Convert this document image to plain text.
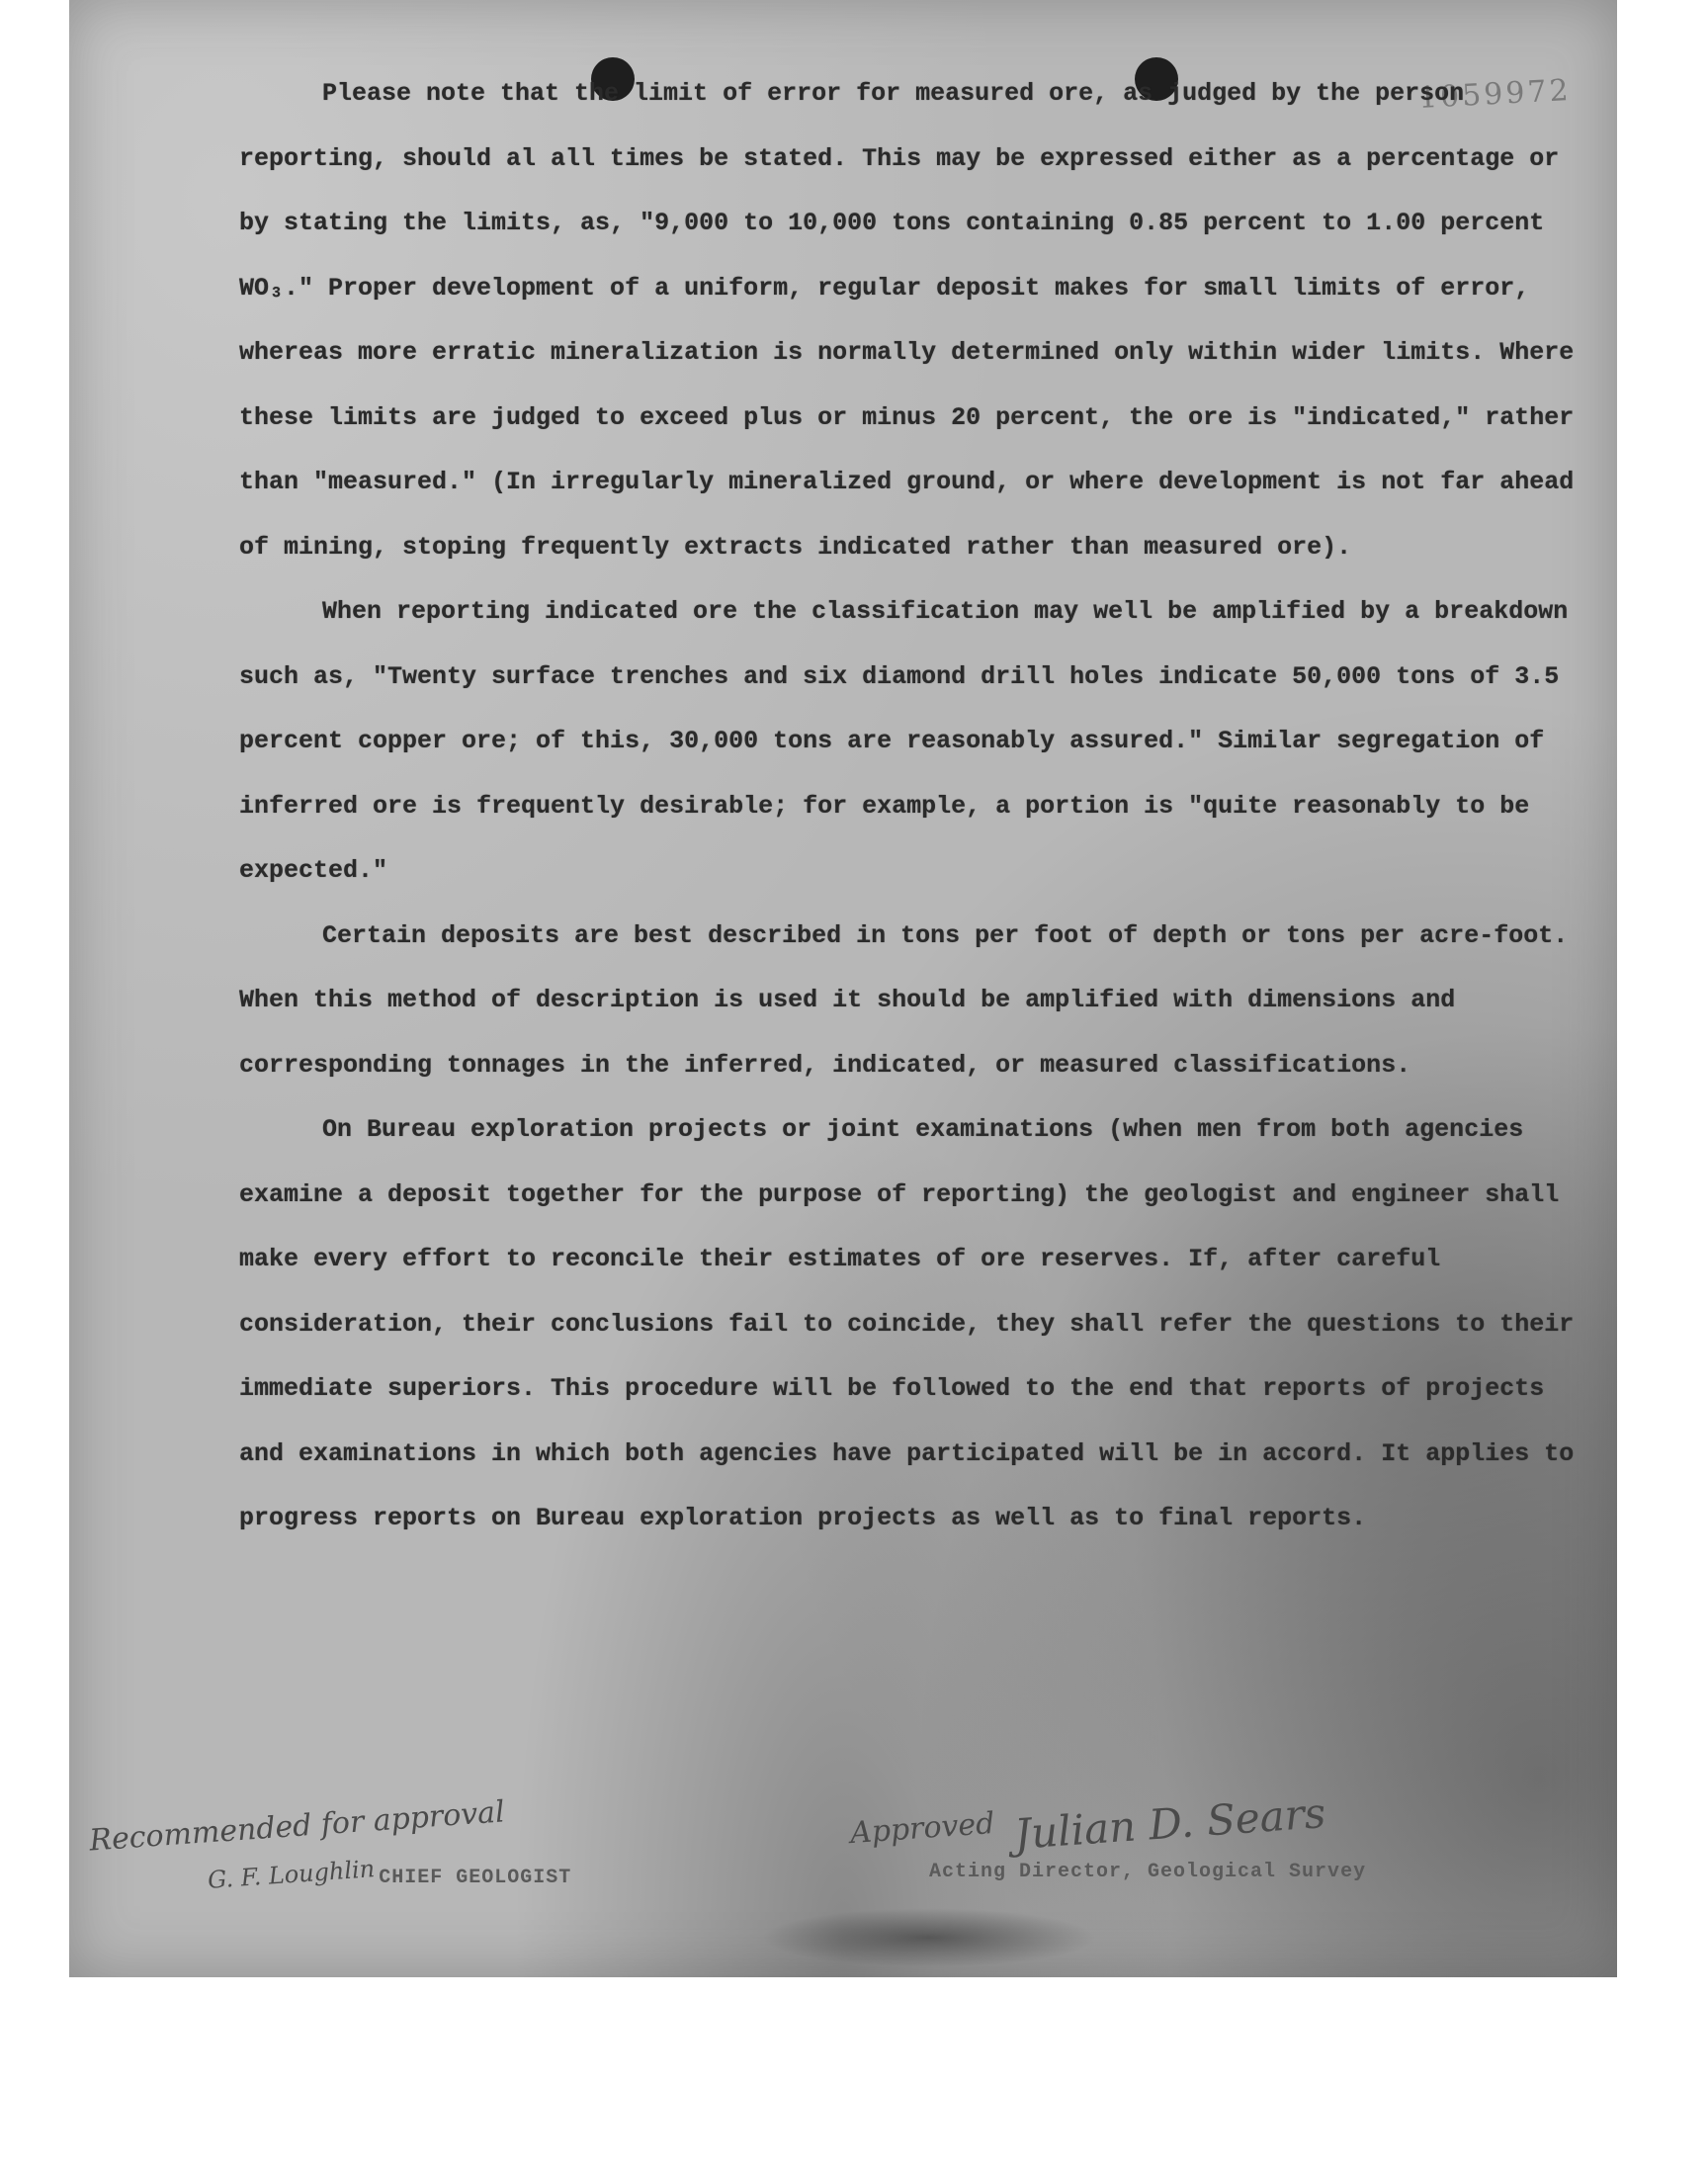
1059972

Please note that the limit of error for measured ore, as judged by the person reporting, should al all times be stated. This may be expressed either as a percentage or by stating the limits, as, "9,000 to 10,000 tons containing 0.85 percent to 1.00 percent WO₃." Proper development of a uniform, regular deposit makes for small limits of error, whereas more erratic mineralization is normally determined only within wider limits. Where these limits are judged to exceed plus or minus 20 percent, the ore is "indicated," rather than "measured." (In irregularly mineralized ground, or where development is not far ahead of mining, stoping frequently extracts indicated rather than measured ore).

When reporting indicated ore the classification may well be amplified by a breakdown such as, "Twenty surface trenches and six diamond drill holes indicate 50,000 tons of 3.5 percent copper ore; of this, 30,000 tons are reasonably assured." Similar segregation of inferred ore is frequently desirable; for example, a portion is "quite reasonably to be expected."

Certain deposits are best described in tons per foot of depth or tons per acre-foot. When this method of description is used it should be amplified with dimensions and corresponding tonnages in the inferred, indicated, or measured classifications.

On Bureau exploration projects or joint examinations (when men from both agencies examine a deposit together for the purpose of reporting) the geologist and engineer shall make every effort to reconcile their estimates of ore reserves. If, after careful consideration, their conclusions fail to coincide, they shall refer the questions to their immediate superiors. This procedure will be followed to the end that reports of projects and examinations in which both agencies have participated will be in accord. It applies to progress reports on Bureau exploration projects as well as to final reports.

Recommended for approval
G. F. Loughlin CHIEF GEOLOGIST
Approved Julian D. Sears
Acting Director, Geological Survey
